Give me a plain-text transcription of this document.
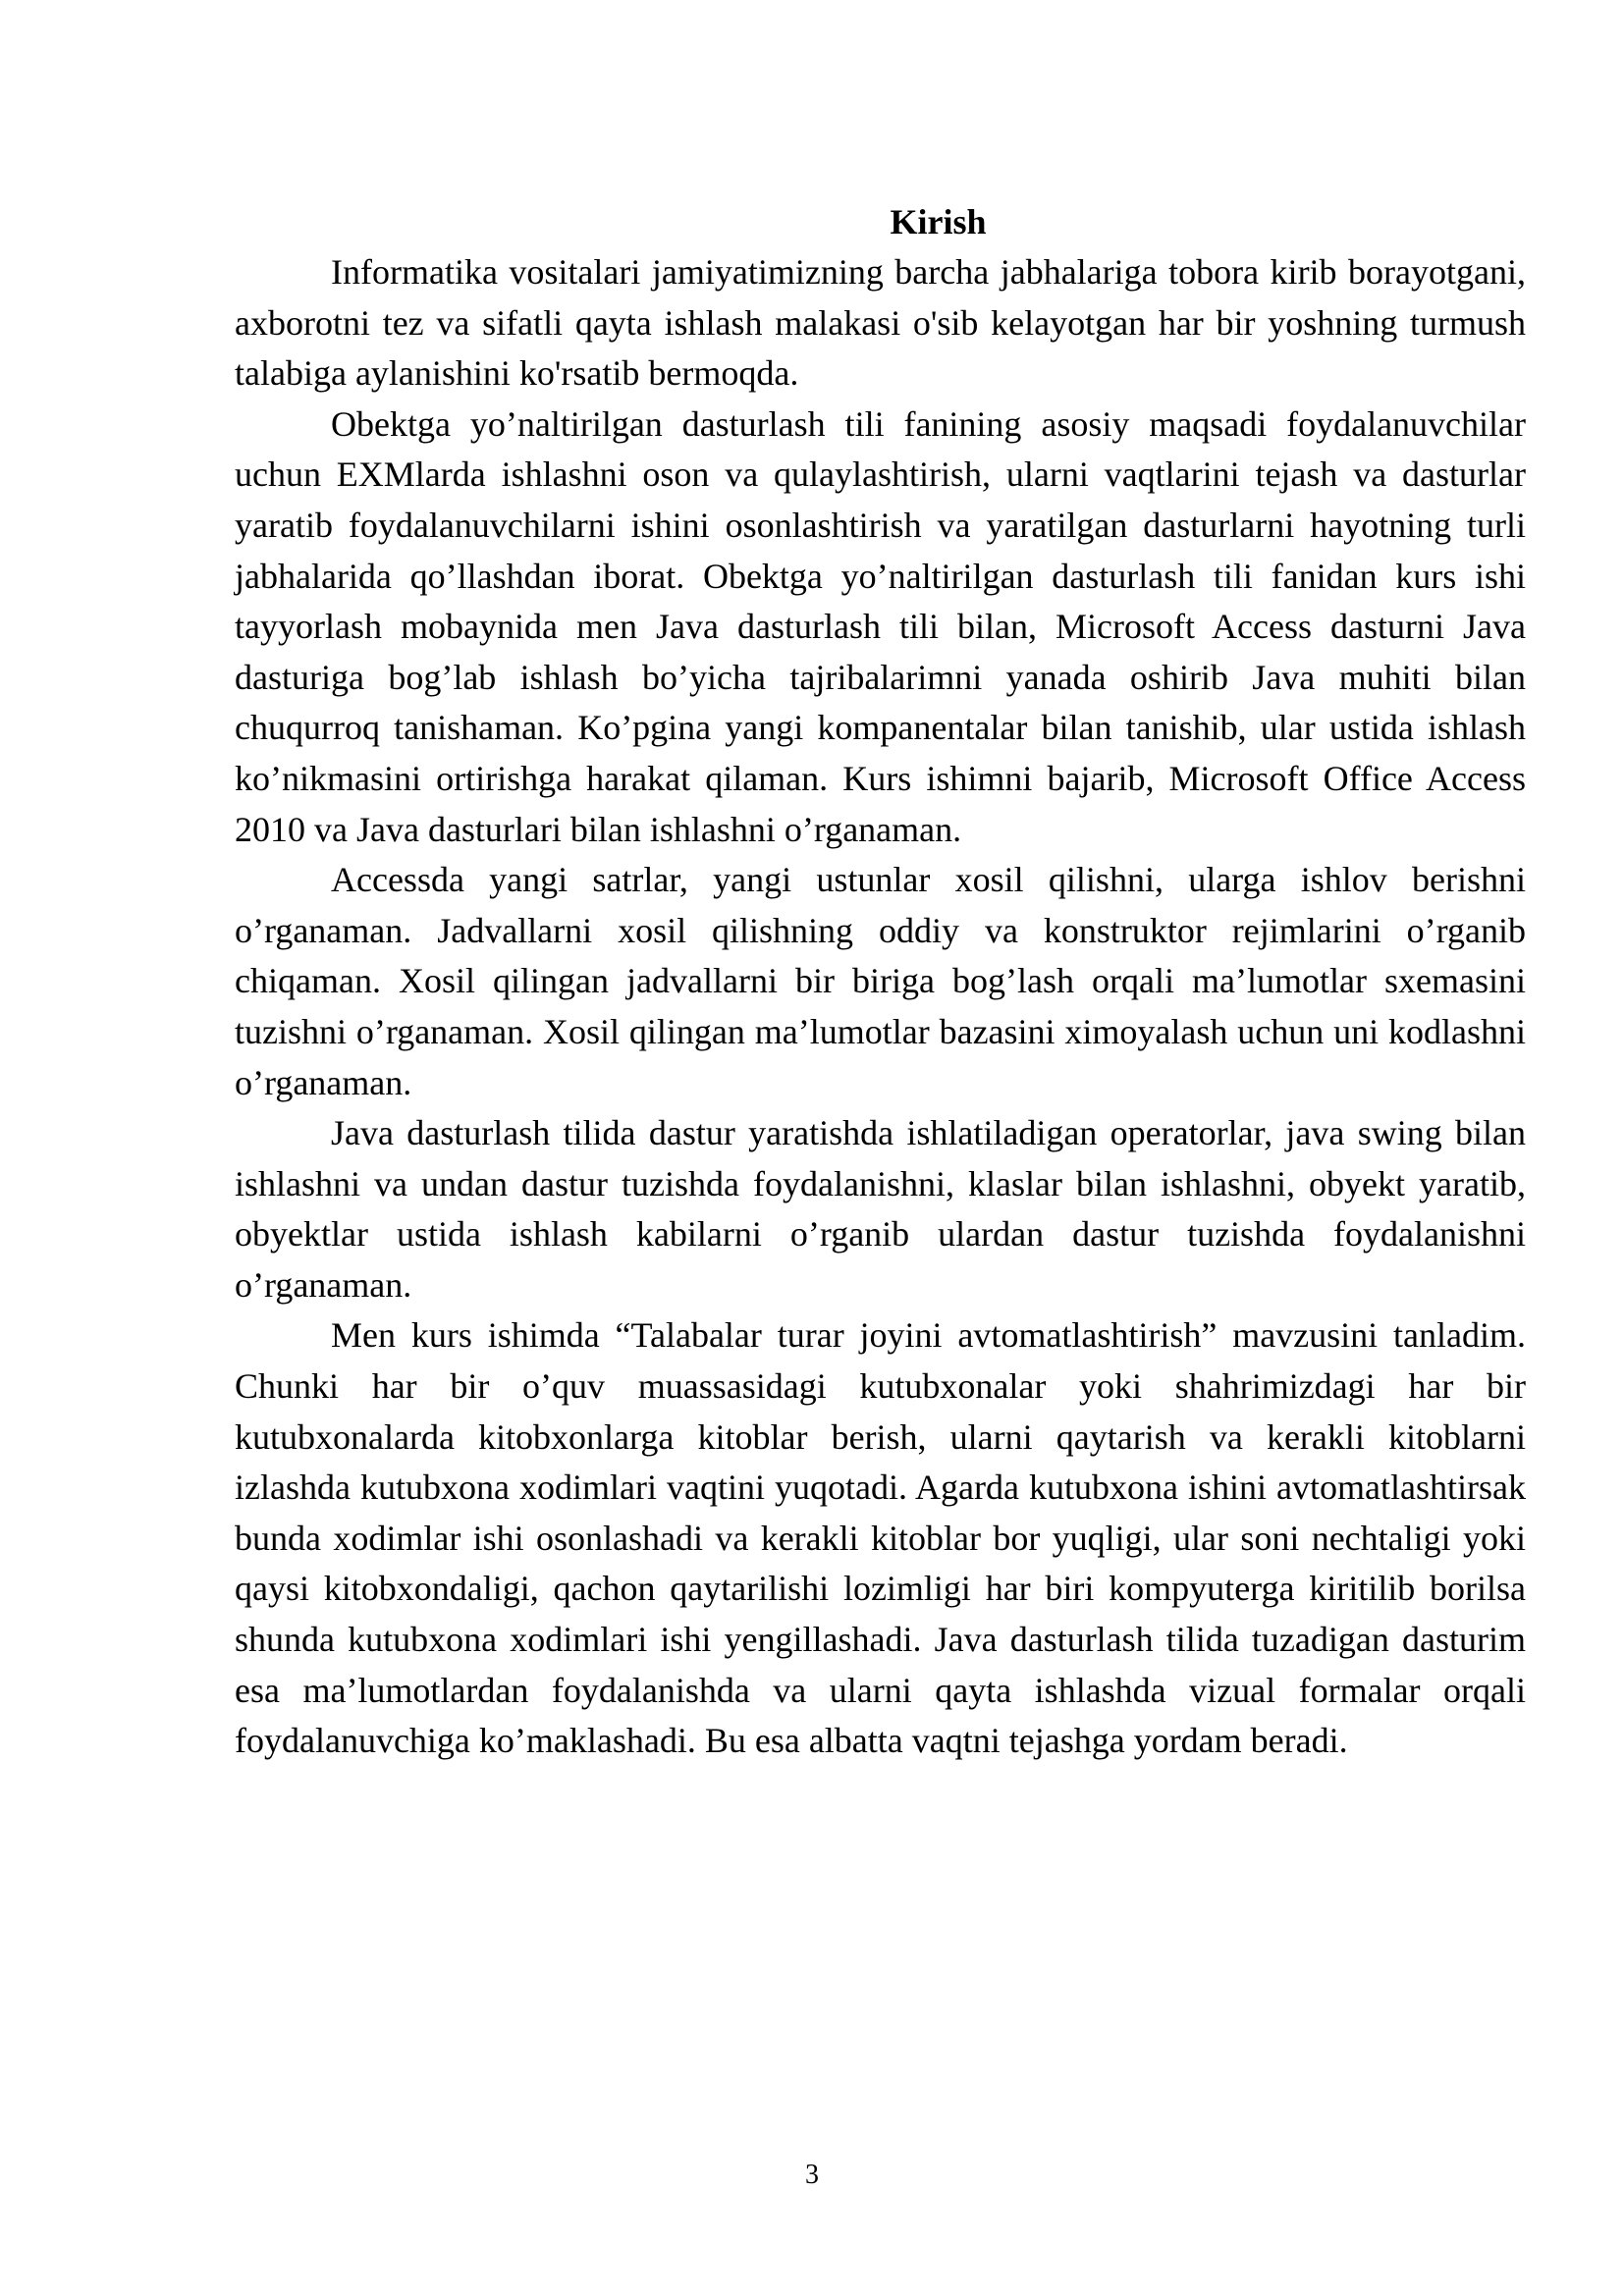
Kirish

Informatika vositalari jamiyatimizning barcha jabhalariga tobora kirib borayotgani, axborotni tez va sifatli qayta ishlash malakasi o'sib kelayotgan har bir yoshning turmush talabiga aylanishini ko'rsatib bermoqda.

Obektga yo’naltirilgan dasturlash tili fanining asosiy maqsadi foydalanuvchilar uchun EXMlarda ishlashni oson va qulaylashtirish, ularni vaqtlarini tejash va dasturlar yaratib foydalanuvchilarni ishini osonlashtirish va yaratilgan dasturlarni hayotning turli jabhalarida qo’llashdan iborat. Obektga yo’naltirilgan dasturlash tili fanidan kurs ishi tayyorlash mobaynida men Java dasturlash tili bilan, Microsoft Access dasturni Java dasturiga bog’lab ishlash bo’yicha tajribalarimni yanada oshirib Java muhiti bilan chuqurroq tanishaman. Ko’pgina yangi kompanentalar bilan tanishib, ular ustida ishlash ko’nikmasini ortirishga harakat qilaman. Kurs ishimni bajarib, Microsoft Office Access 2010 va Java dasturlari bilan ishlashni o’rganaman.

Accessda yangi satrlar, yangi ustunlar xosil qilishni, ularga ishlov berishni o’rganaman. Jadvallarni xosil qilishning oddiy va konstruktor rejimlarini o’rganib chiqaman. Xosil qilingan jadvallarni bir biriga bog’lash orqali ma’lumotlar sxemasini tuzishni o’rganaman. Xosil qilingan ma’lumotlar bazasini ximoyalash uchun uni kodlashni o’rganaman.

Java dasturlash tilida dastur yaratishda ishlatiladigan operatorlar, java swing bilan ishlashni va undan dastur tuzishda foydalanishni, klaslar bilan ishlashni, obyekt yaratib, obyektlar ustida ishlash kabilarni o’rganib ulardan dastur tuzishda foydalanishni o’rganaman.

Men kurs ishimda “Talabalar turar joyini avtomatlashtirish” mavzusini tanladim. Chunki har bir o’quv muassasidagi kutubxonalar yoki shahrimizdagi har bir kutubxonalarda kitobxonlarga kitoblar berish, ularni qaytarish va kerakli kitoblarni izlashda kutubxona xodimlari vaqtini yuqotadi. Agarda kutubxona ishini avtomatlashtirsak bunda xodimlar ishi osonlashadi va kerakli kitoblar bor yuqligi, ular soni nechtaligi yoki qaysi kitobxondaligi, qachon qaytarilishi lozimligi har biri kompyuterga kiritilib borilsa shunda kutubxona xodimlari ishi yengillashadi. Java dasturlash tilida tuzadigan dasturim esa ma’lumotlardan foydalanishda va ularni qayta ishlashda vizual formalar orqali foydalanuvchiga ko’maklashadi. Bu esa albatta vaqtni tejashga yordam beradi.

3
